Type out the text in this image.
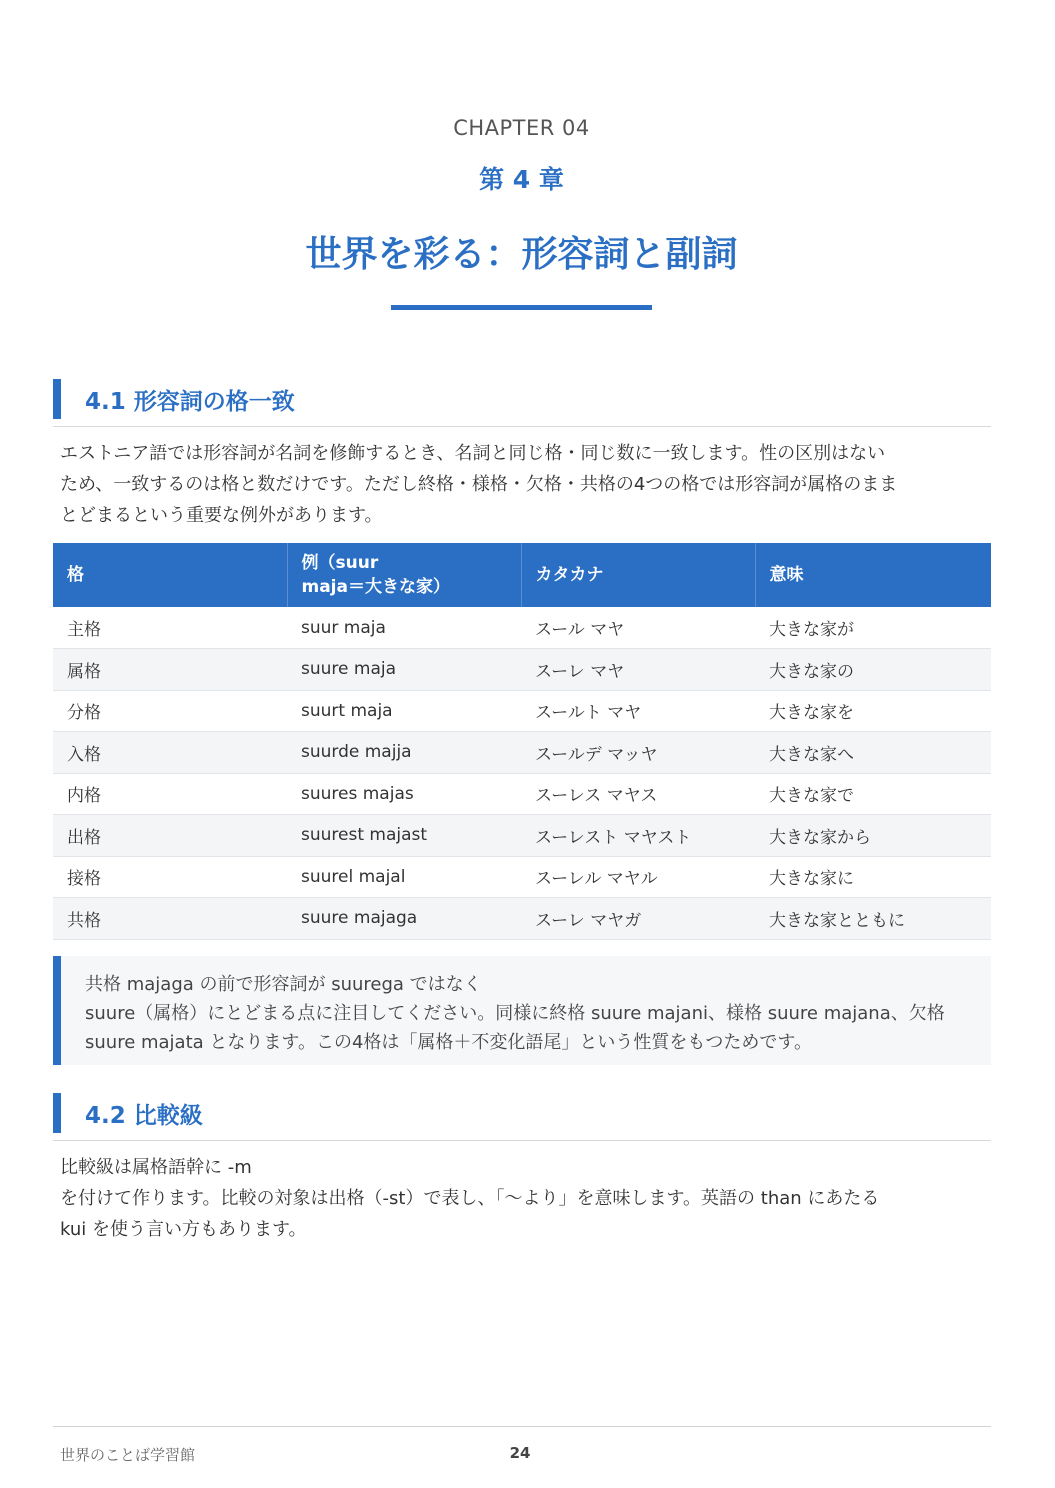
CHAPTER 04
第 4 章
世界を彩る：形容詞と副詞
4.1 形容詞の格一致
エストニア語では形容詞が名詞を修飾するとき、名詞と同じ格・同じ数に一致します。性の区別はない
ため、一致するのは格と数だけです。ただし終格・様格・欠格・共格の4つの格では形容詞が属格のまま
とどまるという重要な例外があります。
格	例（suur
maja＝大きな家）	カタカナ	意味
主格	suur maja	スール マヤ	大きな家が
属格	suure maja	スーレ マヤ	大きな家の
分格	suurt maja	スールト マヤ	大きな家を
入格	suurde majja	スールデ マッヤ	大きな家へ
内格	suures majas	スーレス マヤス	大きな家で
出格	suurest majast	スーレスト マヤスト	大きな家から
接格	suurel majal	スーレル マヤル	大きな家に
共格	suure majaga	スーレ マヤガ	大きな家とともに
共格 majaga の前で形容詞が suurega ではなく
suure（属格）にとどまる点に注目してください。同様に終格 suure majani、様格 suure majana、欠格
suure majata となります。この4格は「属格＋不変化語尾」という性質をもつためです。
4.2 比較級
比較級は属格語幹に -m
を付けて作ります。比較の対象は出格（-st）で表し、「〜より」を意味します。英語の than にあたる
kui を使う言い方もあります。
世界のことば学習館	24
